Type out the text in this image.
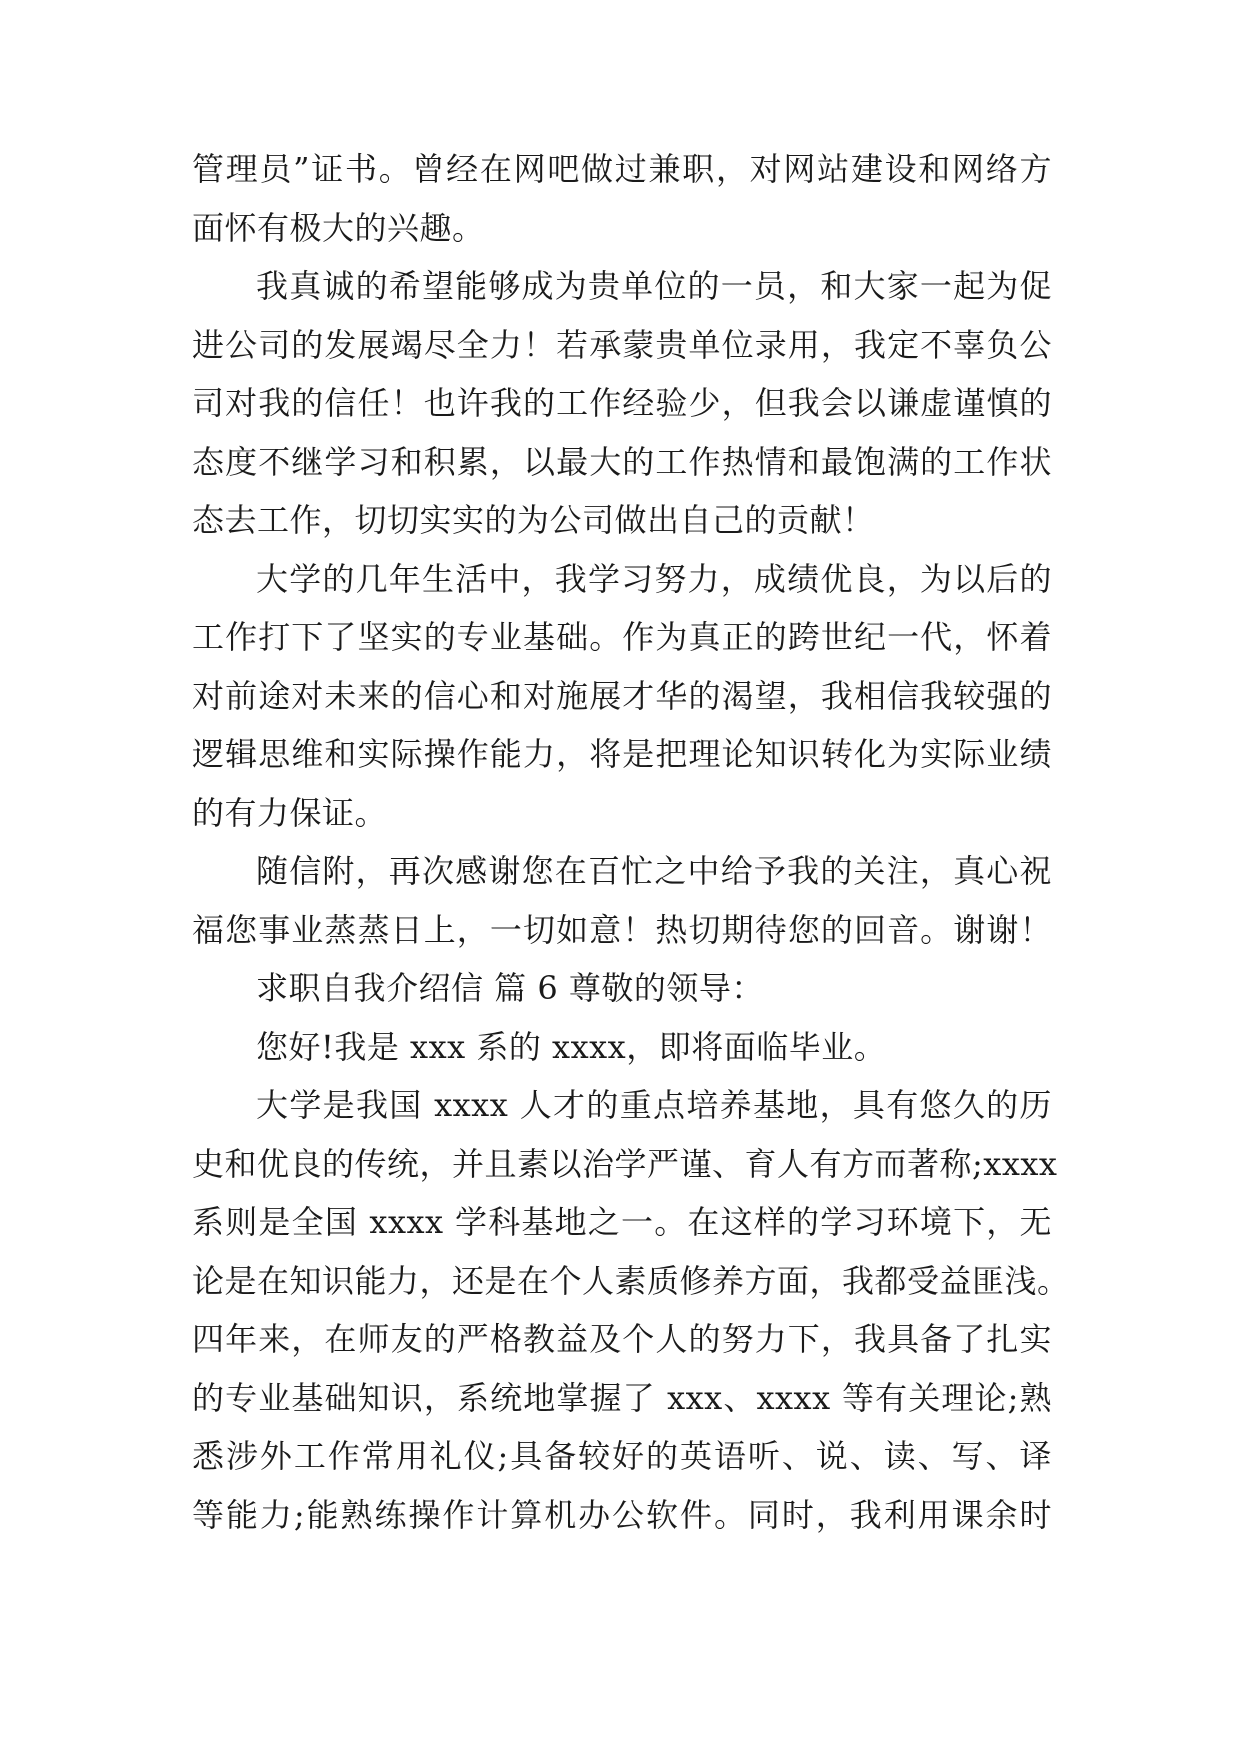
管理员”证书。曾经在网吧做过兼职，对网站建设和网络方
面怀有极大的兴趣。
我真诚的希望能够成为贵单位的一员，和大家一起为促
进公司的发展竭尽全力！若承蒙贵单位录用，我定不辜负公
司对我的信任！也许我的工作经验少，但我会以谦虚谨慎的
态度不继学习和积累，以最大的工作热情和最饱满的工作状
态去工作，切切实实的为公司做出自己的贡献！
大学的几年生活中，我学习努力，成绩优良，为以后的
工作打下了坚实的专业基础。作为真正的跨世纪一代，怀着
对前途对未来的信心和对施展才华的渴望，我相信我较强的
逻辑思维和实际操作能力，将是把理论知识转化为实际业绩
的有力保证。
随信附，再次感谢您在百忙之中给予我的关注，真心祝
福您事业蒸蒸日上，一切如意！热切期待您的回音。谢谢！
求职自我介绍信 篇 6 尊敬的领导：
您好!我是 xxx 系的 xxxx，即将面临毕业。
大学是我国 xxxx 人才的重点培养基地，具有悠久的历
史和优良的传统，并且素以治学严谨、育人有方而著称;xxxx
系则是全国 xxxx 学科基地之一。在这样的学习环境下，无
论是在知识能力，还是在个人素质修养方面，我都受益匪浅。
四年来，在师友的严格教益及个人的努力下，我具备了扎实
的专业基础知识，系统地掌握了 xxx、xxxx 等有关理论;熟
悉涉外工作常用礼仪;具备较好的英语听、说、读、写、译
等能力;能熟练操作计算机办公软件。同时，我利用课余时
